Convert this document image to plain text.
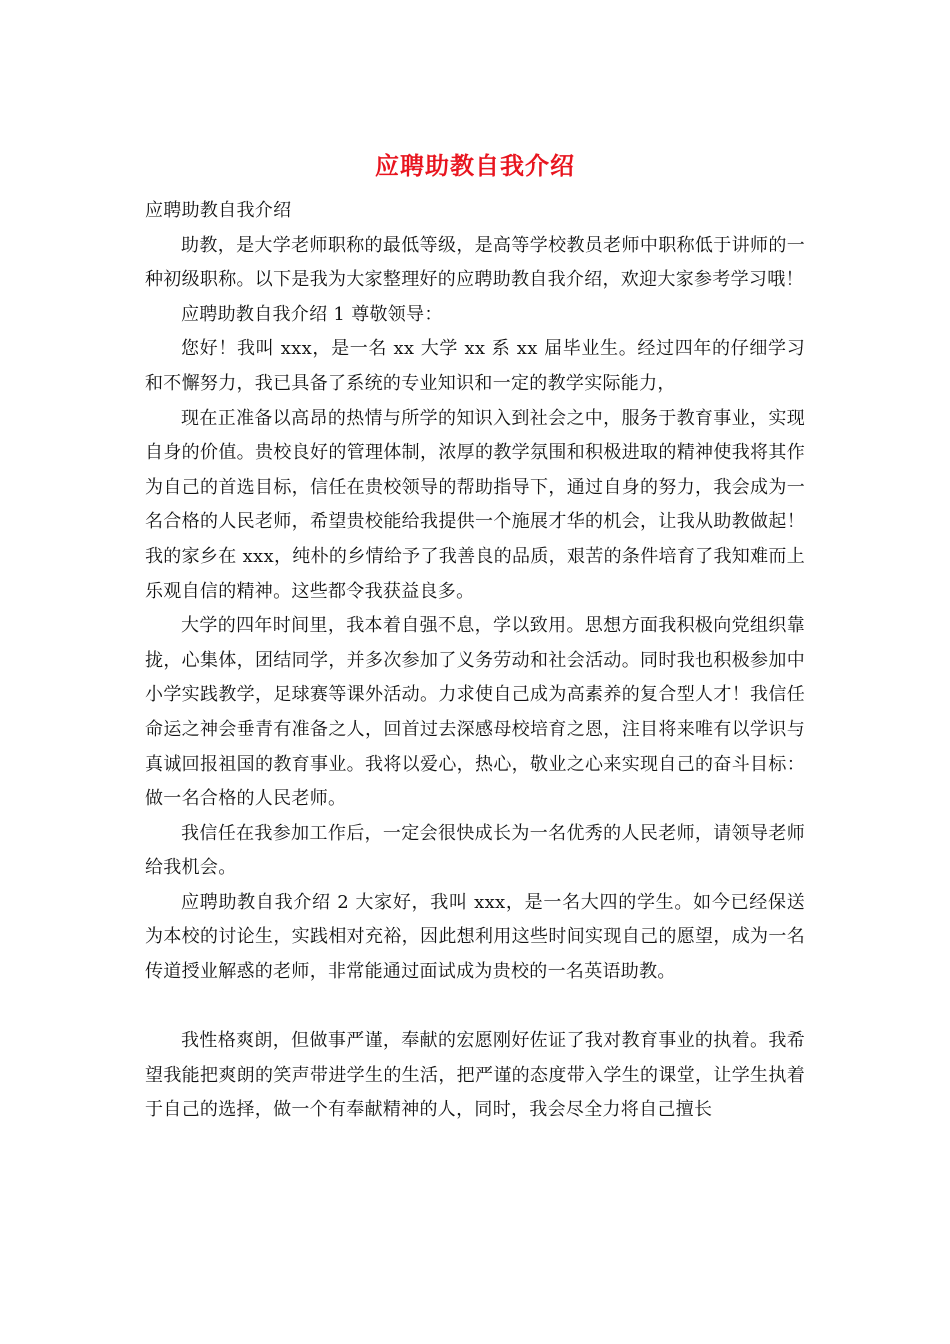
应聘助教自我介绍

应聘助教自我介绍

助教，是大学老师职称的最低等级，是高等学校教员老师中职称低于讲师的一种初级职称。以下是我为大家整理好的应聘助教自我介绍，欢迎大家参考学习哦！

应聘助教自我介绍 1 尊敬领导：

您好！我叫 xxx，是一名 xx 大学 xx 系 xx 届毕业生。经过四年的仔细学习和不懈努力，我已具备了系统的专业知识和一定的教学实际能力，

现在正准备以高昂的热情与所学的知识入到社会之中，服务于教育事业，实现自身的价值。贵校良好的管理体制，浓厚的教学氛围和积极进取的精神使我将其作为自己的首选目标，信任在贵校领导的帮助指导下，通过自身的努力，我会成为一名合格的人民老师，希望贵校能给我提供一个施展才华的机会，让我从助教做起！我的家乡在 xxx，纯朴的乡情给予了我善良的品质，艰苦的条件培育了我知难而上乐观自信的精神。这些都令我获益良多。

大学的四年时间里，我本着自强不息，学以致用。思想方面我积极向党组织靠拢，心集体，团结同学，并多次参加了义务劳动和社会活动。同时我也积极参加中小学实践教学，足球赛等课外活动。力求使自己成为高素养的复合型人才！我信任命运之神会垂青有准备之人，回首过去深感母校培育之恩，注目将来唯有以学识与真诚回报祖国的教育事业。我将以爱心，热心，敬业之心来实现自己的奋斗目标：做一名合格的人民老师。

我信任在我参加工作后，一定会很快成长为一名优秀的人民老师，请领导老师给我机会。

应聘助教自我介绍 2 大家好，我叫 xxx，是一名大四的学生。如今已经保送为本校的讨论生，实践相对充裕，因此想利用这些时间实现自己的愿望，成为一名传道授业解惑的老师，非常能通过面试成为贵校的一名英语助教。

我性格爽朗，但做事严谨，奉献的宏愿刚好佐证了我对教育事业的执着。我希望我能把爽朗的笑声带进学生的生活，把严谨的态度带入学生的课堂，让学生执着于自己的选择，做一个有奉献精神的人，同时，我会尽全力将自己擅长
